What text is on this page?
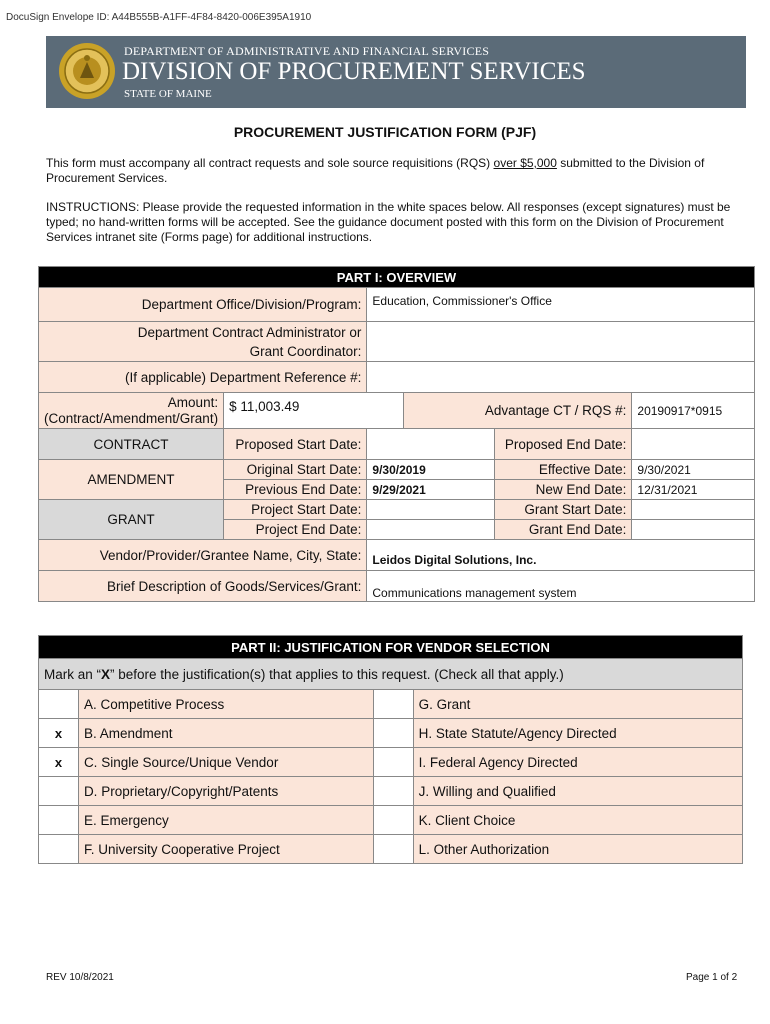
DocuSign Envelope ID: A44B555B-A1FF-4F84-8420-006E395A1910
DEPARTMENT OF ADMINISTRATIVE AND FINANCIAL SERVICES
DIVISION OF PROCUREMENT SERVICES
STATE OF MAINE
PROCUREMENT JUSTIFICATION FORM (PJF)
This form must accompany all contract requests and sole source requisitions (RQS) over $5,000 submitted to the Division of Procurement Services.
INSTRUCTIONS: Please provide the requested information in the white spaces below. All responses (except signatures) must be typed; no hand-written forms will be accepted. See the guidance document posted with this form on the Division of Procurement Services intranet site (Forms page) for additional instructions.
PART I: OVERVIEW					
Department Office/Division/Program:		Education, Commissioner's Office			

Department Contract Administrator or
Grant Coordinator:					

(If applicable) Department Reference #:					

Amount:
(Contract/Amendment/Grant)	$ 11,003.49		Advantage CT / RQS #:		20190917*0915
CONTRACT	Proposed Start Date:			Proposed End Date:	
AMENDMENT	Original Start Date:	9/30/2019		Effective Date:	9/30/2021
	Previous End Date:	9/29/2021		New End Date:	12/31/2021
GRANT	Project Start Date:			Grant Start Date:	
	Project End Date:			Grant End Date:	
Vendor/Provider/Grantee Name, City, State:		Leidos Digital Solutions, Inc.			
Brief Description of Goods/Services/Grant:		Communications management system			
PART II: JUSTIFICATION FOR VENDOR SELECTION			
Mark an “X” before the justification(s) that applies to this request. (Check all that apply.)			
	A. Competitive Process		G. Grant
x	B. Amendment		H. State Statute/Agency Directed
x	C. Single Source/Unique Vendor		I. Federal Agency Directed
	D. Proprietary/Copyright/Patents		J. Willing and Qualified
	E. Emergency		K. Client Choice
	F. University Cooperative Project		L. Other Authorization
REV 10/8/2021	Page 1 of 2
